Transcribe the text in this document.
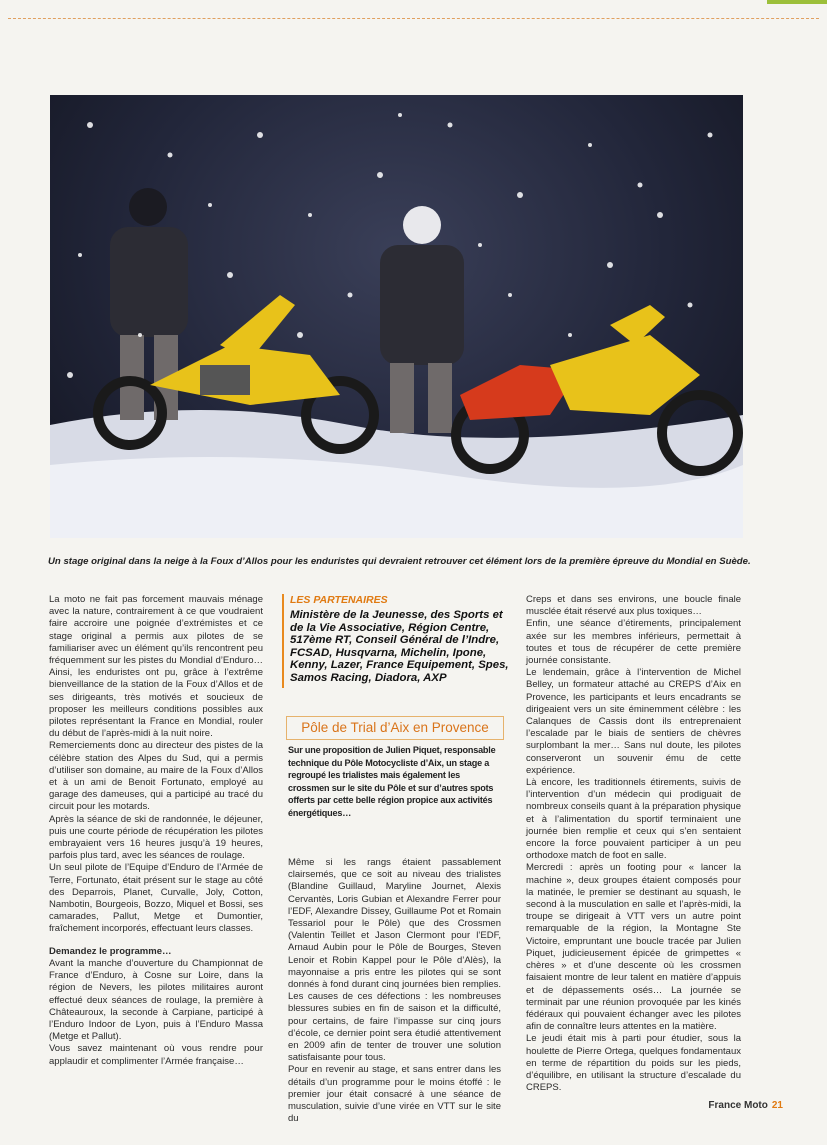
Un stage original dans la neige à la Foux d’Allos pour les enduristes qui devraient retrouver cet élément lors de la première épreuve du Mondial en Suède.

La moto ne fait pas forcement mauvais ménage avec la nature, contrairement à ce que voudraient faire accroire une poignée d’extrémistes et ce stage original a permis aux pilotes de se familiariser avec un élément qu’ils rencontrent peu fréquemment sur les pistes du Mondial d’Enduro… Ainsi, les enduristes ont pu, grâce à l’extrême bienveillance de la station de la Foux d’Allos et de ses dirigeants, très motivés et soucieux de proposer les meilleurs conditions possibles aux pilotes représentant la France en Mondial, rouler du début de l’après-midi à la nuit noire.

Remerciements donc au directeur des pistes de la célèbre station des Alpes du Sud, qui a permis d’utiliser son domaine, au maire de la Foux d’Allos et à un ami de Benoit Fortunato, employé au garage des dameuses, qui a participé au tracé du circuit pour les motards.

Après la séance de ski de randonnée, le déjeuner, puis une courte période de récupération les pilotes embrayaient vers 16 heures jusqu’à 19 heures, parfois plus tard, avec les séances de roulage.

Un seul pilote de l’Equipe d’Enduro de l’Armée de Terre, Fortunato, était présent sur le stage au côté des Deparrois, Planet, Curvalle, Joly, Cotton, Nambotin, Bourgeois, Bozzo, Miquel et Bossi, ses camarades, Pallut, Metge et Dumontier, fraîchement incorporés, effectuant leurs classes.

Demandez le programme…

Avant la manche d’ouverture du Championnat de France d’Enduro, à Cosne sur Loire, dans la région de Nevers, les pilotes militaires auront effectué deux séances de roulage, la première à Châteauroux, la seconde à Carpiane, participé à l’Enduro Indoor de Lyon, puis à l’Enduro Massa (Metge et Pallut).

Vous savez maintenant où vous rendre pour applaudir et complimenter l’Armée française…

LES PARTENAIRES

Ministère de la Jeunesse, des Sports et de la Vie Associative, Région Centre, 517ème RT, Conseil Général de l’Indre, FCSAD, Husqvarna, Michelin, Ipone, Kenny, Lazer, France Equipement, Spes, Samos Racing, Diadora, AXP

Pôle de Trial d’Aix en Provence

Sur une proposition de Julien Piquet, responsable technique du Pôle Motocycliste d’Aix, un stage a regroupé les trialistes mais également les crossmen sur le site du Pôle et sur d’autres spots offerts par cette belle région propice aux activités énergétiques…

Même si les rangs étaient passablement clairsemés, que ce soit au niveau des trialistes (Blandine Guillaud, Maryline Journet, Alexis Cervantès, Loris Gubian et Alexandre Ferrer pour l’EDF, Alexandre Dissey, Guillaume Pot et Romain Tessariol pour le Pôle) que des Crossmen (Valentin Teillet et Jason Clermont pour l’EDF, Arnaud Aubin pour le Pôle de Bourges, Steven Lenoir et Robin Kappel pour le Pôle d’Alès), la mayonnaise a pris entre les pilotes qui se sont donnés à fond durant cinq journées bien remplies. Les causes de ces défections : les nombreuses blessures subies en fin de saison et la difficulté, pour certains, de faire l’impasse sur cinq jours d’école, ce dernier point sera étudié attentivement en 2009 afin de tenter de trouver une solution satisfaisante pour tous.

Pour en revenir au stage, et sans entrer dans les détails d’un programme pour le moins étoffé : le premier jour était consacré à une séance de musculation, suivie d’une virée en VTT sur le site du

Creps et dans ses environs, une boucle finale musclée était réservé aux plus toxiques…

Enfin, une séance d’étirements, principalement axée sur les membres inférieurs, permettait à toutes et tous de récupérer de cette première journée consistante.

Le lendemain, grâce à l’intervention de Michel Belley, un formateur attaché au CREPS d’Aix en Provence, les participants et leurs encadrants se dirigeaient vers un site éminemment célèbre : les Calanques de Cassis dont ils entreprenaient l’escalade par le biais de sentiers de chèvres surplombant la mer… Sans nul doute, les pilotes conserveront un souvenir ému de cette expérience.

Là encore, les traditionnels étirements, suivis de l’intervention d’un médecin qui prodiguait de nombreux conseils quant à la préparation physique et à l’alimentation du sportif terminaient une journée bien remplie et ceux qui s’en sentaient encore la force pouvaient participer à un peu orthodoxe match de foot en salle.

Mercredi : après un footing pour « lancer la machine », deux groupes étaient composés pour la matinée, le premier se destinant au squash, le second à la musculation en salle et l’après-midi, la troupe se dirigeait à VTT vers un autre point remarquable de la région, la Montagne Ste Victoire, empruntant une boucle tracée par Julien Piquet, judicieusement épicée de grimpettes « chères » et d’une descente où les crossmen faisaient montre de leur talent en matière d’appuis et de dépassements osés… La journée se terminait par une réunion provoquée par les kinés fédéraux qui pouvaient échanger avec les pilotes afin de connaître leurs attentes en la matière.

Le jeudi était mis à parti pour étudier, sous la houlette de Pierre Ortega, quelques fondamentaux en terme de répartition du poids sur les pieds, d’équilibre, en utilisant la structure d’escalade du CREPS.

France Moto 21
